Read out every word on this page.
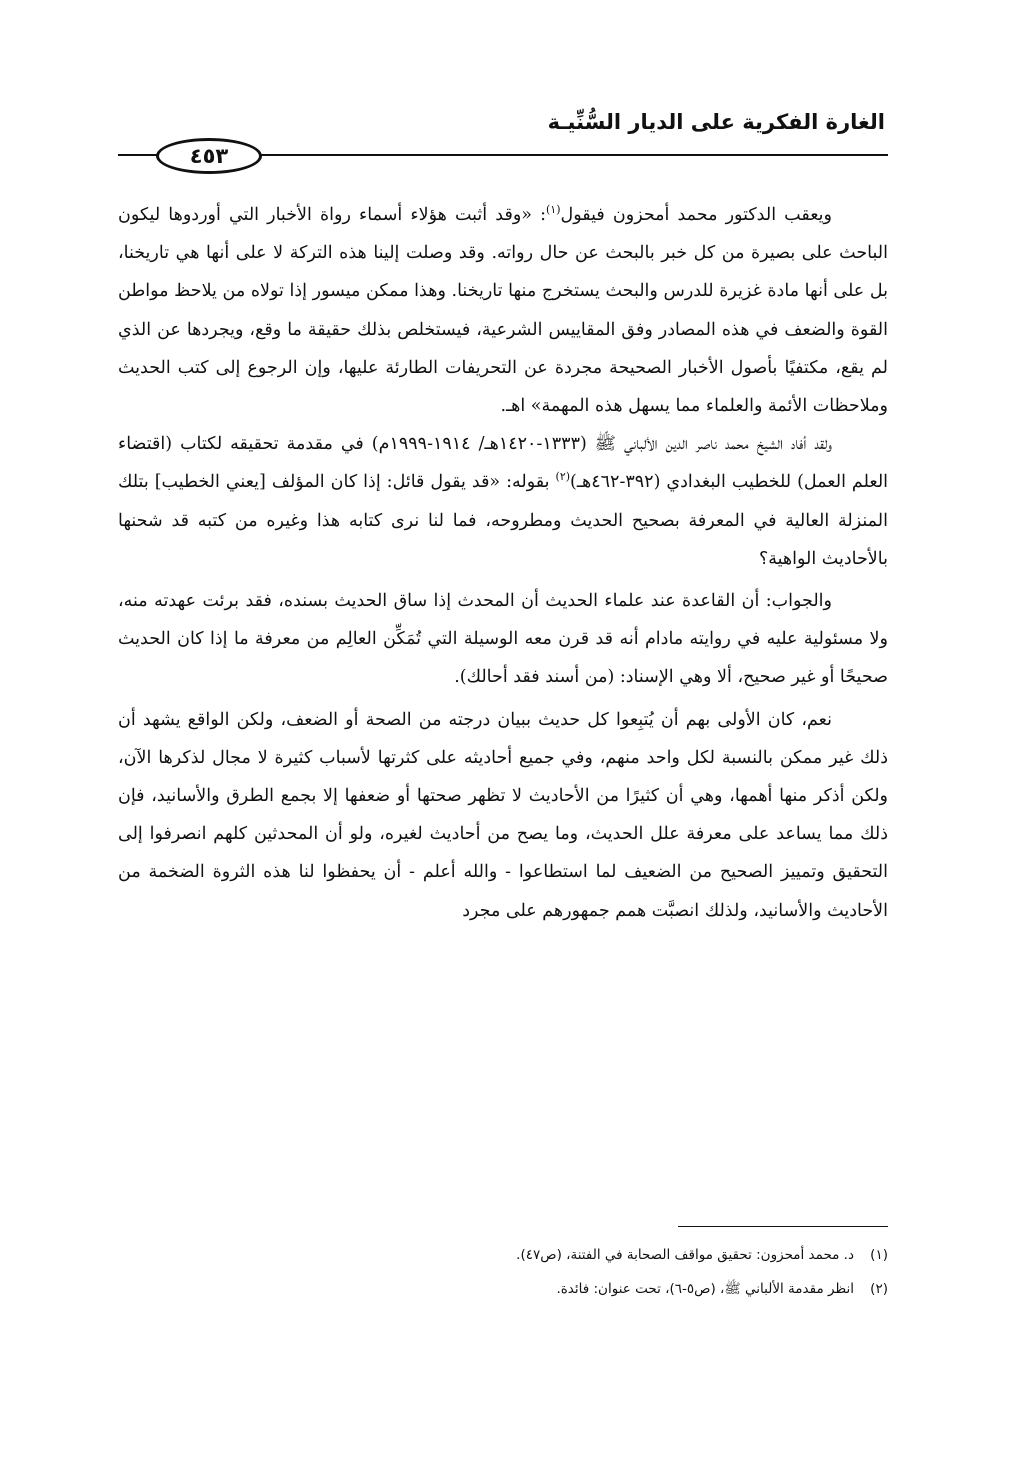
الغارة الفكرية على الديار السُّنِّيـة
٤٥٣

ويعقب الدكتور محمد أمحزون فيقول$^{(١)}$: «وقد أثبت هؤلاء أسماء رواة الأخبار التي أوردوها ليكون الباحث على بصيرة من كل خبر بالبحث عن حال رواته. وقد وصلت إلينا هذه التركة لا على أنها هي تاريخنا، بل على أنها مادة غزيرة للدرس والبحث يستخرج منها تاريخنا. وهذا ممكن ميسور إذا تولاه من يلاحظ مواطن القوة والضعف في هذه المصادر وفق المقاييس الشرعية، فيستخلص بذلك حقيقة ما وقع، ويجردها عن الذي لم يقع، مكتفيًا بأصول الأخبار الصحيحة مجردة عن التحريفات الطارئة عليها، وإن الرجوع إلى كتب الحديث وملاحظات الأئمة والعلماء مما يسهل هذه المهمة» اهـ.

ولقد أفاد الشيخ محمد ناصر الدين الألباني ﷺ (١٣٣٣-١٤٢٠هـ/ ١٩١٤-١٩٩٩م) في مقدمة تحقيقه لكتاب (اقتضاء العلم العمل) للخطيب البغدادي (٣٩٢-٤٦٢هـ)$^{(٢)}$ بقوله: «قد يقول قائل: إذا كان المؤلف [يعني الخطيب] بتلك المنزلة العالية في المعرفة بصحيح الحديث ومطروحه، فما لنا نرى كتابه هذا وغيره من كتبه قد شحنها بالأحاديث الواهية؟

والجواب: أن القاعدة عند علماء الحديث أن المحدث إذا ساق الحديث بسنده، فقد برئت عهدته منه، ولا مسئولية عليه في روايته مادام أنه قد قرن معه الوسيلة التي تُمَكِّن العالِم من معرفة ما إذا كان الحديث صحيحًا أو غير صحيح، ألا وهي الإسناد: (من أسند فقد أحالك).

نعم، كان الأولى بهم أن يُتبِعوا كل حديث ببيان درجته من الصحة أو الضعف، ولكن الواقع يشهد أن ذلك غير ممكن بالنسبة لكل واحد منهم، وفي جميع أحاديثه على كثرتها لأسباب كثيرة لا مجال لذكرها الآن، ولكن أذكر منها أهمها، وهي أن كثيرًا من الأحاديث لا تظهر صحتها أو ضعفها إلا بجمع الطرق والأسانيد، فإن ذلك مما يساعد على معرفة علل الحديث، وما يصح من أحاديث لغيره، ولو أن المحدثين كلهم انصرفوا إلى التحقيق وتمييز الصحيح من الضعيف لما استطاعوا - والله أعلم - أن يحفظوا لنا هذه الثروة الضخمة من الأحاديث والأسانيد، ولذلك انصبَّت همم جمهورهم على مجرد

(١)د. محمد أمحزون: تحقيق مواقف الصحابة في الفتنة، (ص٤٧).

(٢)انظر مقدمة الألباني ﷺ، (ص٥-٦)، تحت عنوان: فائدة.
